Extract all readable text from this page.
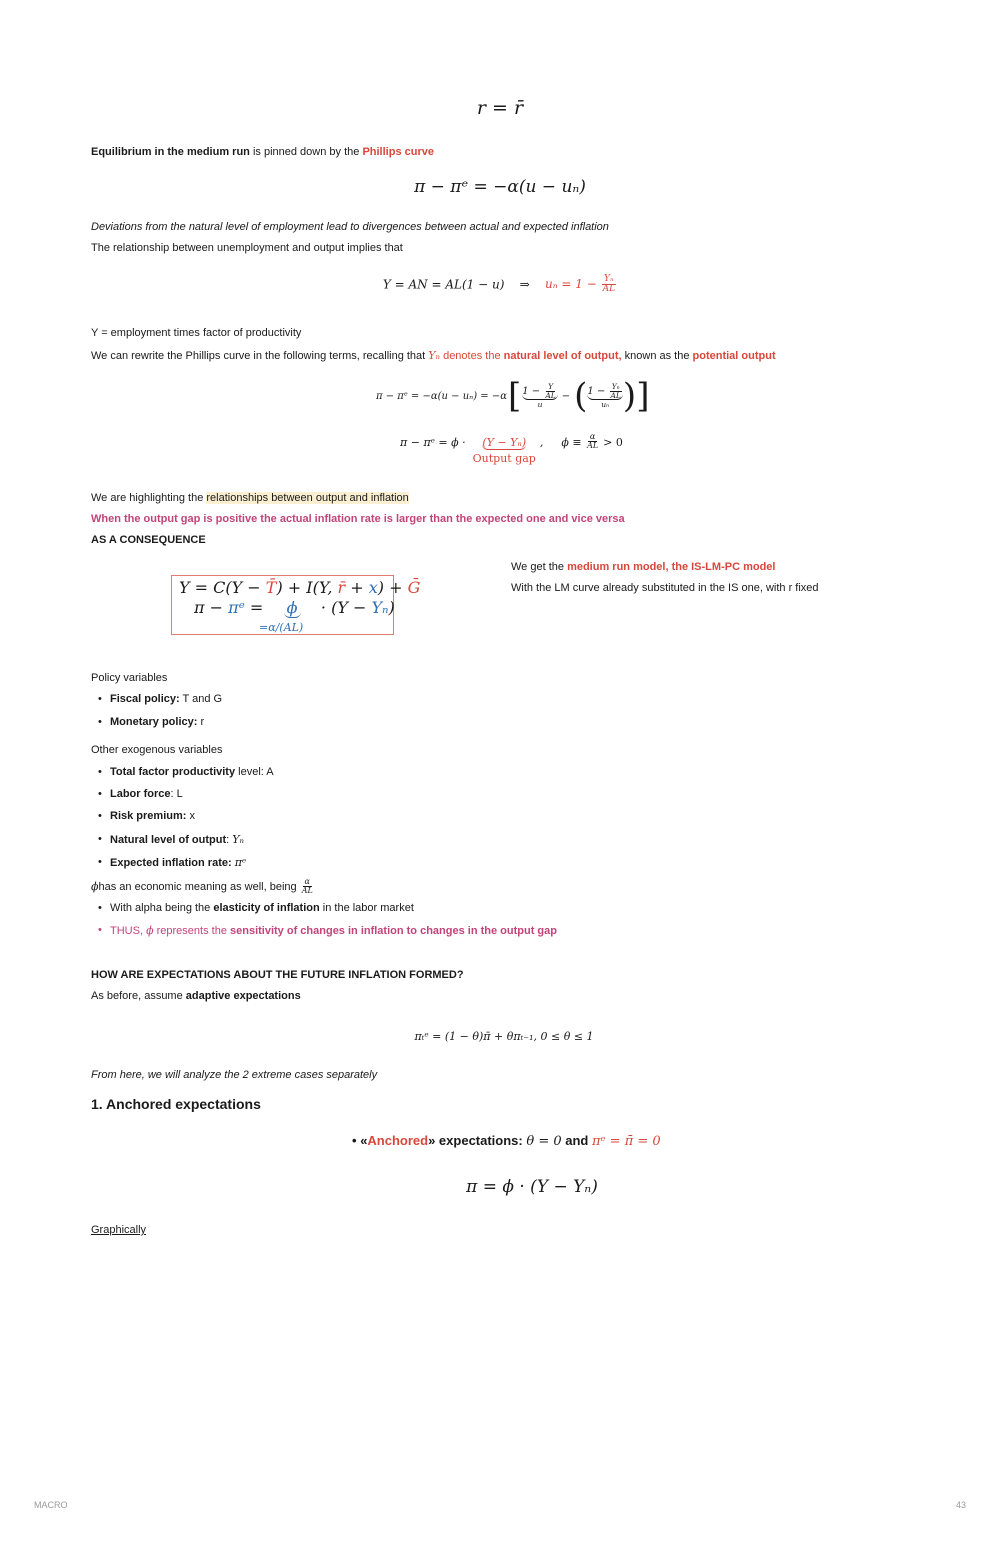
r = r̄
Equilibrium in the medium run is pinned down by the Phillips curve
π − πᵉ = −α(u − uₙ)
Deviations from the natural level of employment lead to divergences between actual and expected inflation
The relationship between unemployment and output implies that
Y = AN = AL(1 − u) ⇒ $u_n = 1 - \frac{\text{Yₙ}}{AL}$
Y = employment times factor of productivity
We can rewrite the Phillips curve in the following terms, recalling that Yₙ denotes the natural level of output, known as the potential output
π − πᵉ = −α(u − uₙ) = −α [ 1 −
$\frac{Y}{AL}$
u
− ( 1 −
$\frac{\text{Yₙ}}{AL}$
uₙ ) ]
π − πᵉ = ϕ ·
(Y − Yₙ)
Output gap
, ϕ ≡
$\frac{\alpha}{AL} > 0$
We are highlighting the relationships between output and inflation
When the output gap is positive the actual inflation rate is larger than the expected one and vice versa
AS A CONSEQUENCE
Y = C(Y − T̄) + I(Y, r̄ + x) + Ḡ
π − πᵉ =    ϕ · (Y − Yₙ)
=α/(AL)
We get the medium run model, the IS-LM-PC model
With the LM curve already substituted in the IS one, with r fixed
Policy variables
• Fiscal policy: T and G
• Monetary policy: r
Other exogenous variables
• Total factor productivity level: A
• Labor force: L
• Risk premium: x
• Natural level of output: Yₙ
• Expected inflation rate: πᵉ
ϕ has an economic meaning as well, being
$\frac{\alpha}{AL}$
• With alpha being the elasticity of inflation in the labor market
• THUS, ϕ represents the sensitivity of changes in inflation to changes in the output gap
HOW ARE EXPECTATIONS ABOUT THE FUTURE INFLATION FORMED?
As before, assume adaptive expectations
πₜᵉ = (1 − θ)π̄ + θπₜ₋₁, 0 ≤ θ ≤ 1
From here, we will analyze the 2 extreme cases separately
1. Anchored expectations
• «Anchored» expectations: θ = 0 and πᵉ = π̄ = 0
π = ϕ · (Y − Yₙ)
Graphically
MACRO	43
